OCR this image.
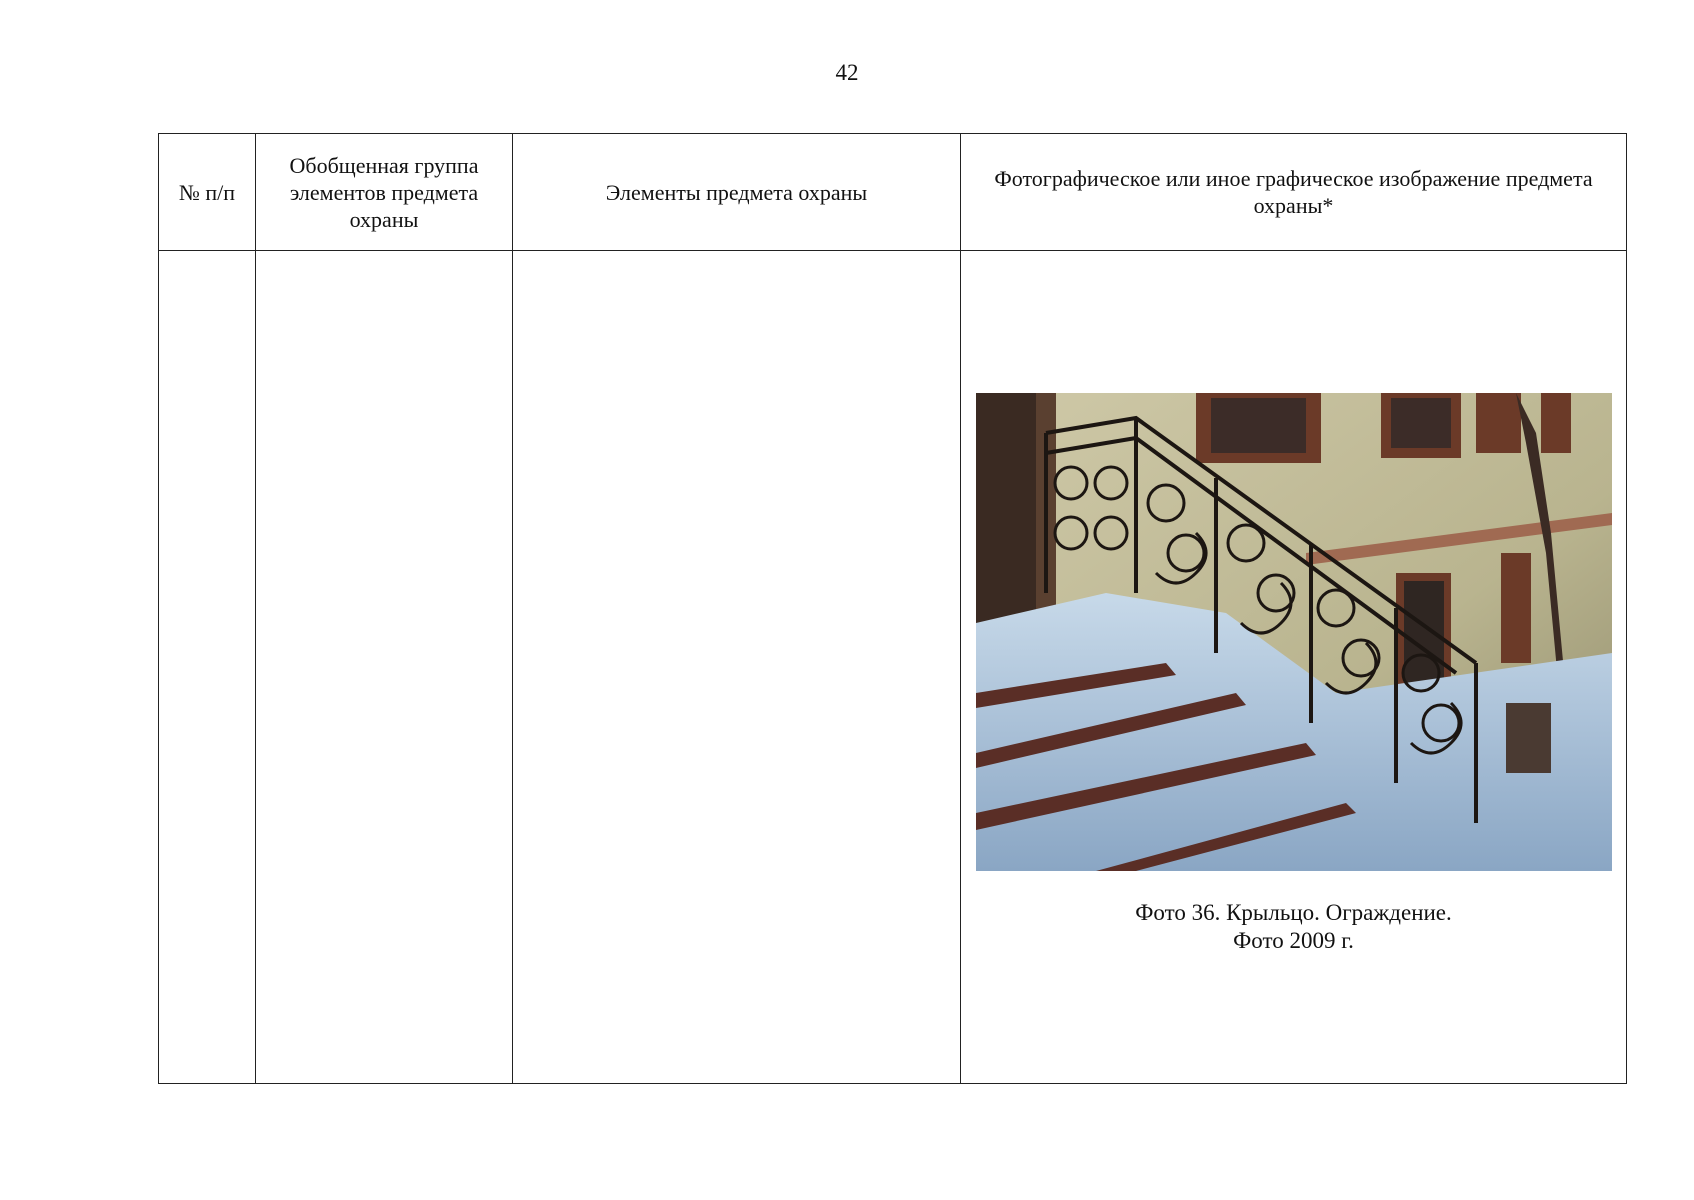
42
№ п/п	Обобщенная группа элементов предмета охраны	Элементы предмета охраны	Фотографическое или иное графическое изображение предмета охраны*

			Фото 36. Крыльцо. Ограждение.
Фото 2009 г.
